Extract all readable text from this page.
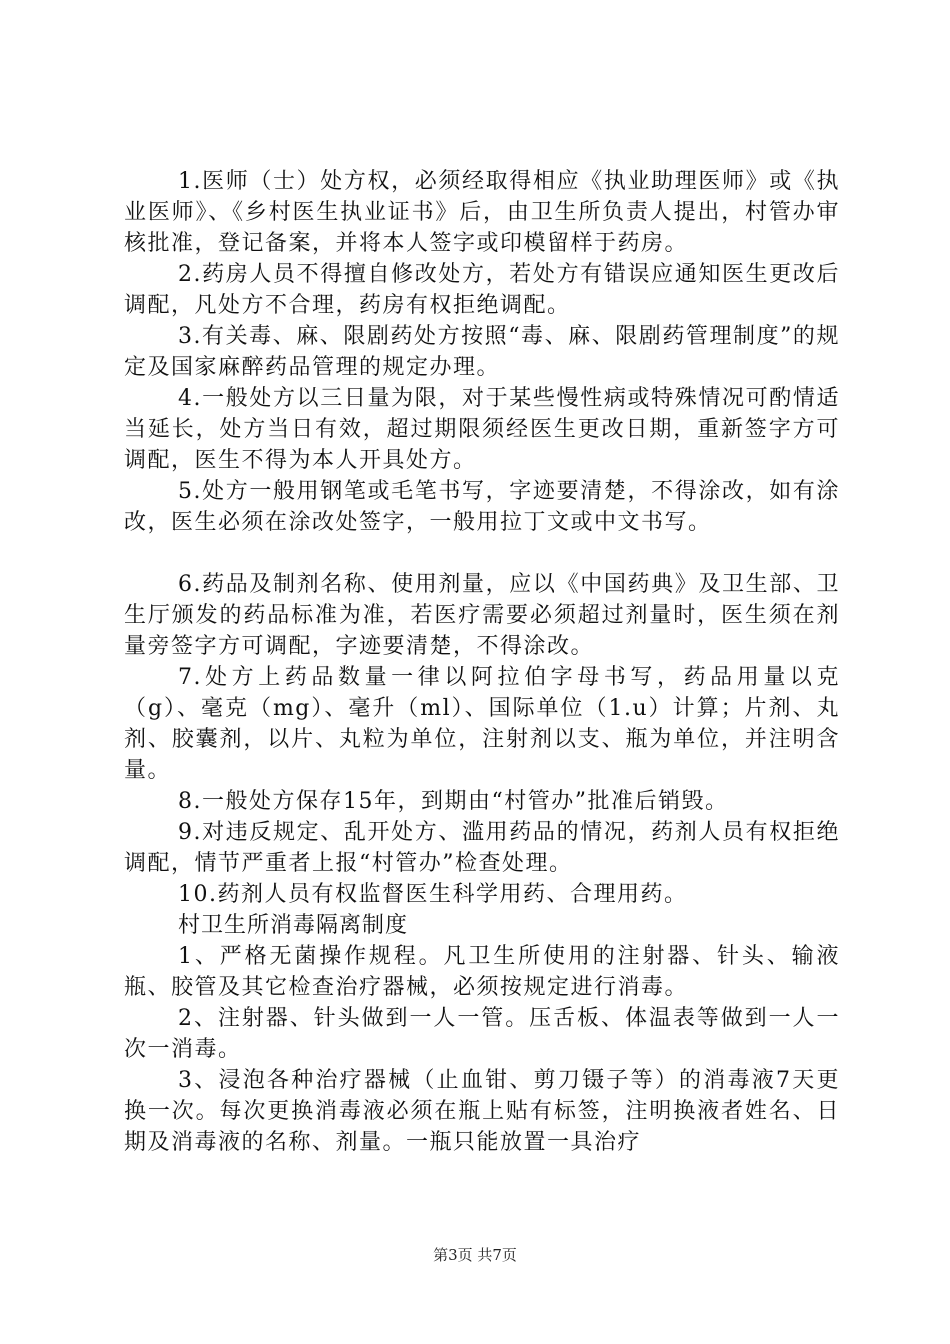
1.医师（士）处方权，必须经取得相应《执业助理医师》或《执业医师》、《乡村医生执业证书》后，由卫生所负责人提出，村管办审核批准，登记备案，并将本人签字或印模留样于药房。

2.药房人员不得擅自修改处方，若处方有错误应通知医生更改后调配，凡处方不合理，药房有权拒绝调配。

3.有关毒、麻、限剧药处方按照“毒、麻、限剧药管理制度”的规定及国家麻醉药品管理的规定办理。

4.一般处方以三日量为限，对于某些慢性病或特殊情况可酌情适当延长，处方当日有效，超过期限须经医生更改日期，重新签字方可调配，医生不得为本人开具处方。

5.处方一般用钢笔或毛笔书写，字迹要清楚，不得涂改，如有涂改，医生必须在涂改处签字，一般用拉丁文或中文书写。

6.药品及制剂名称、使用剂量，应以《中国药典》及卫生部、卫生厅颁发的药品标准为准，若医疗需要必须超过剂量时，医生须在剂量旁签字方可调配，字迹要清楚，不得涂改。

7.处方上药品数量一律以阿拉伯字母书写，药品用量以克（g）、毫克（mg）、毫升（ml）、国际单位（1.u）计算；片剂、丸剂、胶囊剂，以片、丸粒为单位，注射剂以支、瓶为单位，并注明含量。

8.一般处方保存15年，到期由“村管办”批准后销毁。

9.对违反规定、乱开处方、滥用药品的情况，药剂人员有权拒绝调配，情节严重者上报“村管办”检查处理。

10.药剂人员有权监督医生科学用药、合理用药。

村卫生所消毒隔离制度

1、严格无菌操作规程。凡卫生所使用的注射器、针头、输液瓶、胶管及其它检查治疗器械，必须按规定进行消毒。

2、注射器、针头做到一人一管。压舌板、体温表等做到一人一次一消毒。

3、浸泡各种治疗器械（止血钳、剪刀镊子等）的消毒液7天更换一次。每次更换消毒液必须在瓶上贴有标签，注明换液者姓名、日期及消毒液的名称、剂量。一瓶只能放置一具治疗

第3页 共7页
